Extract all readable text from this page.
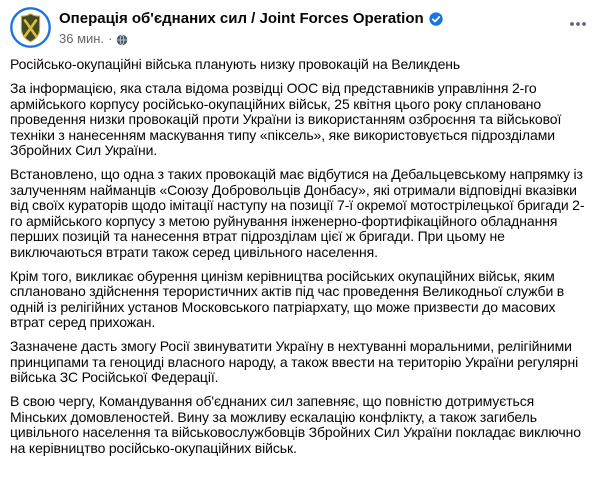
Операція об'єднаних сил / Joint Forces Operation
36 мин. ·

Російсько-окупаційні війська планують низку провокацій на Великдень

За інформацією, яка стала відома розвідці ООС від представників управління 2-го армійського корпусу російсько-окупаційних військ, 25 квітня цього року сплановано проведення низки провокацій проти України із використанням озброєння та військової техніки з нанесенням маскування типу «піксель», яке використовується підрозділами Збройних Сил України.

Встановлено, що одна з таких провокацій має відбутися на Дебальцевському напрямку із залученням найманців «Союзу Добровольців Донбасу», які отримали відповідні вказівки від своїх кураторів щодо імітації наступу на позиції 7-ї окремої мотострілецької бригади 2-го армійського корпусу з метою руйнування інженерно-фортифікаційного обладнання перших позицій та нанесення втрат підрозділам цієї ж бригади. При цьому не виключаються втрати також серед цивільного населення.

Крім того, викликає обурення цинізм керівництва російських окупаційних військ, яким сплановано здійснення терористичних актів під час проведення Великодньої служби в одній із релігійних установ Московського патріархату, що може призвести до масових втрат серед прихожан.

Зазначене дасть змогу Росії звинуватити Україну в нехтуванні моральними, релігійними принципами та геноциді власного народу, а також ввести на територію України регулярні війська ЗС Російської Федерації.

В свою чергу, Командування об'єднаних сил запевняє, що повністю дотримується Мінських домовленостей. Вину за можливу ескалацію конфлікту, а також загибель цивільного населення та військовослужбовців Збройних Сил України покладає виключно на керівництво російсько-окупаційних військ.
